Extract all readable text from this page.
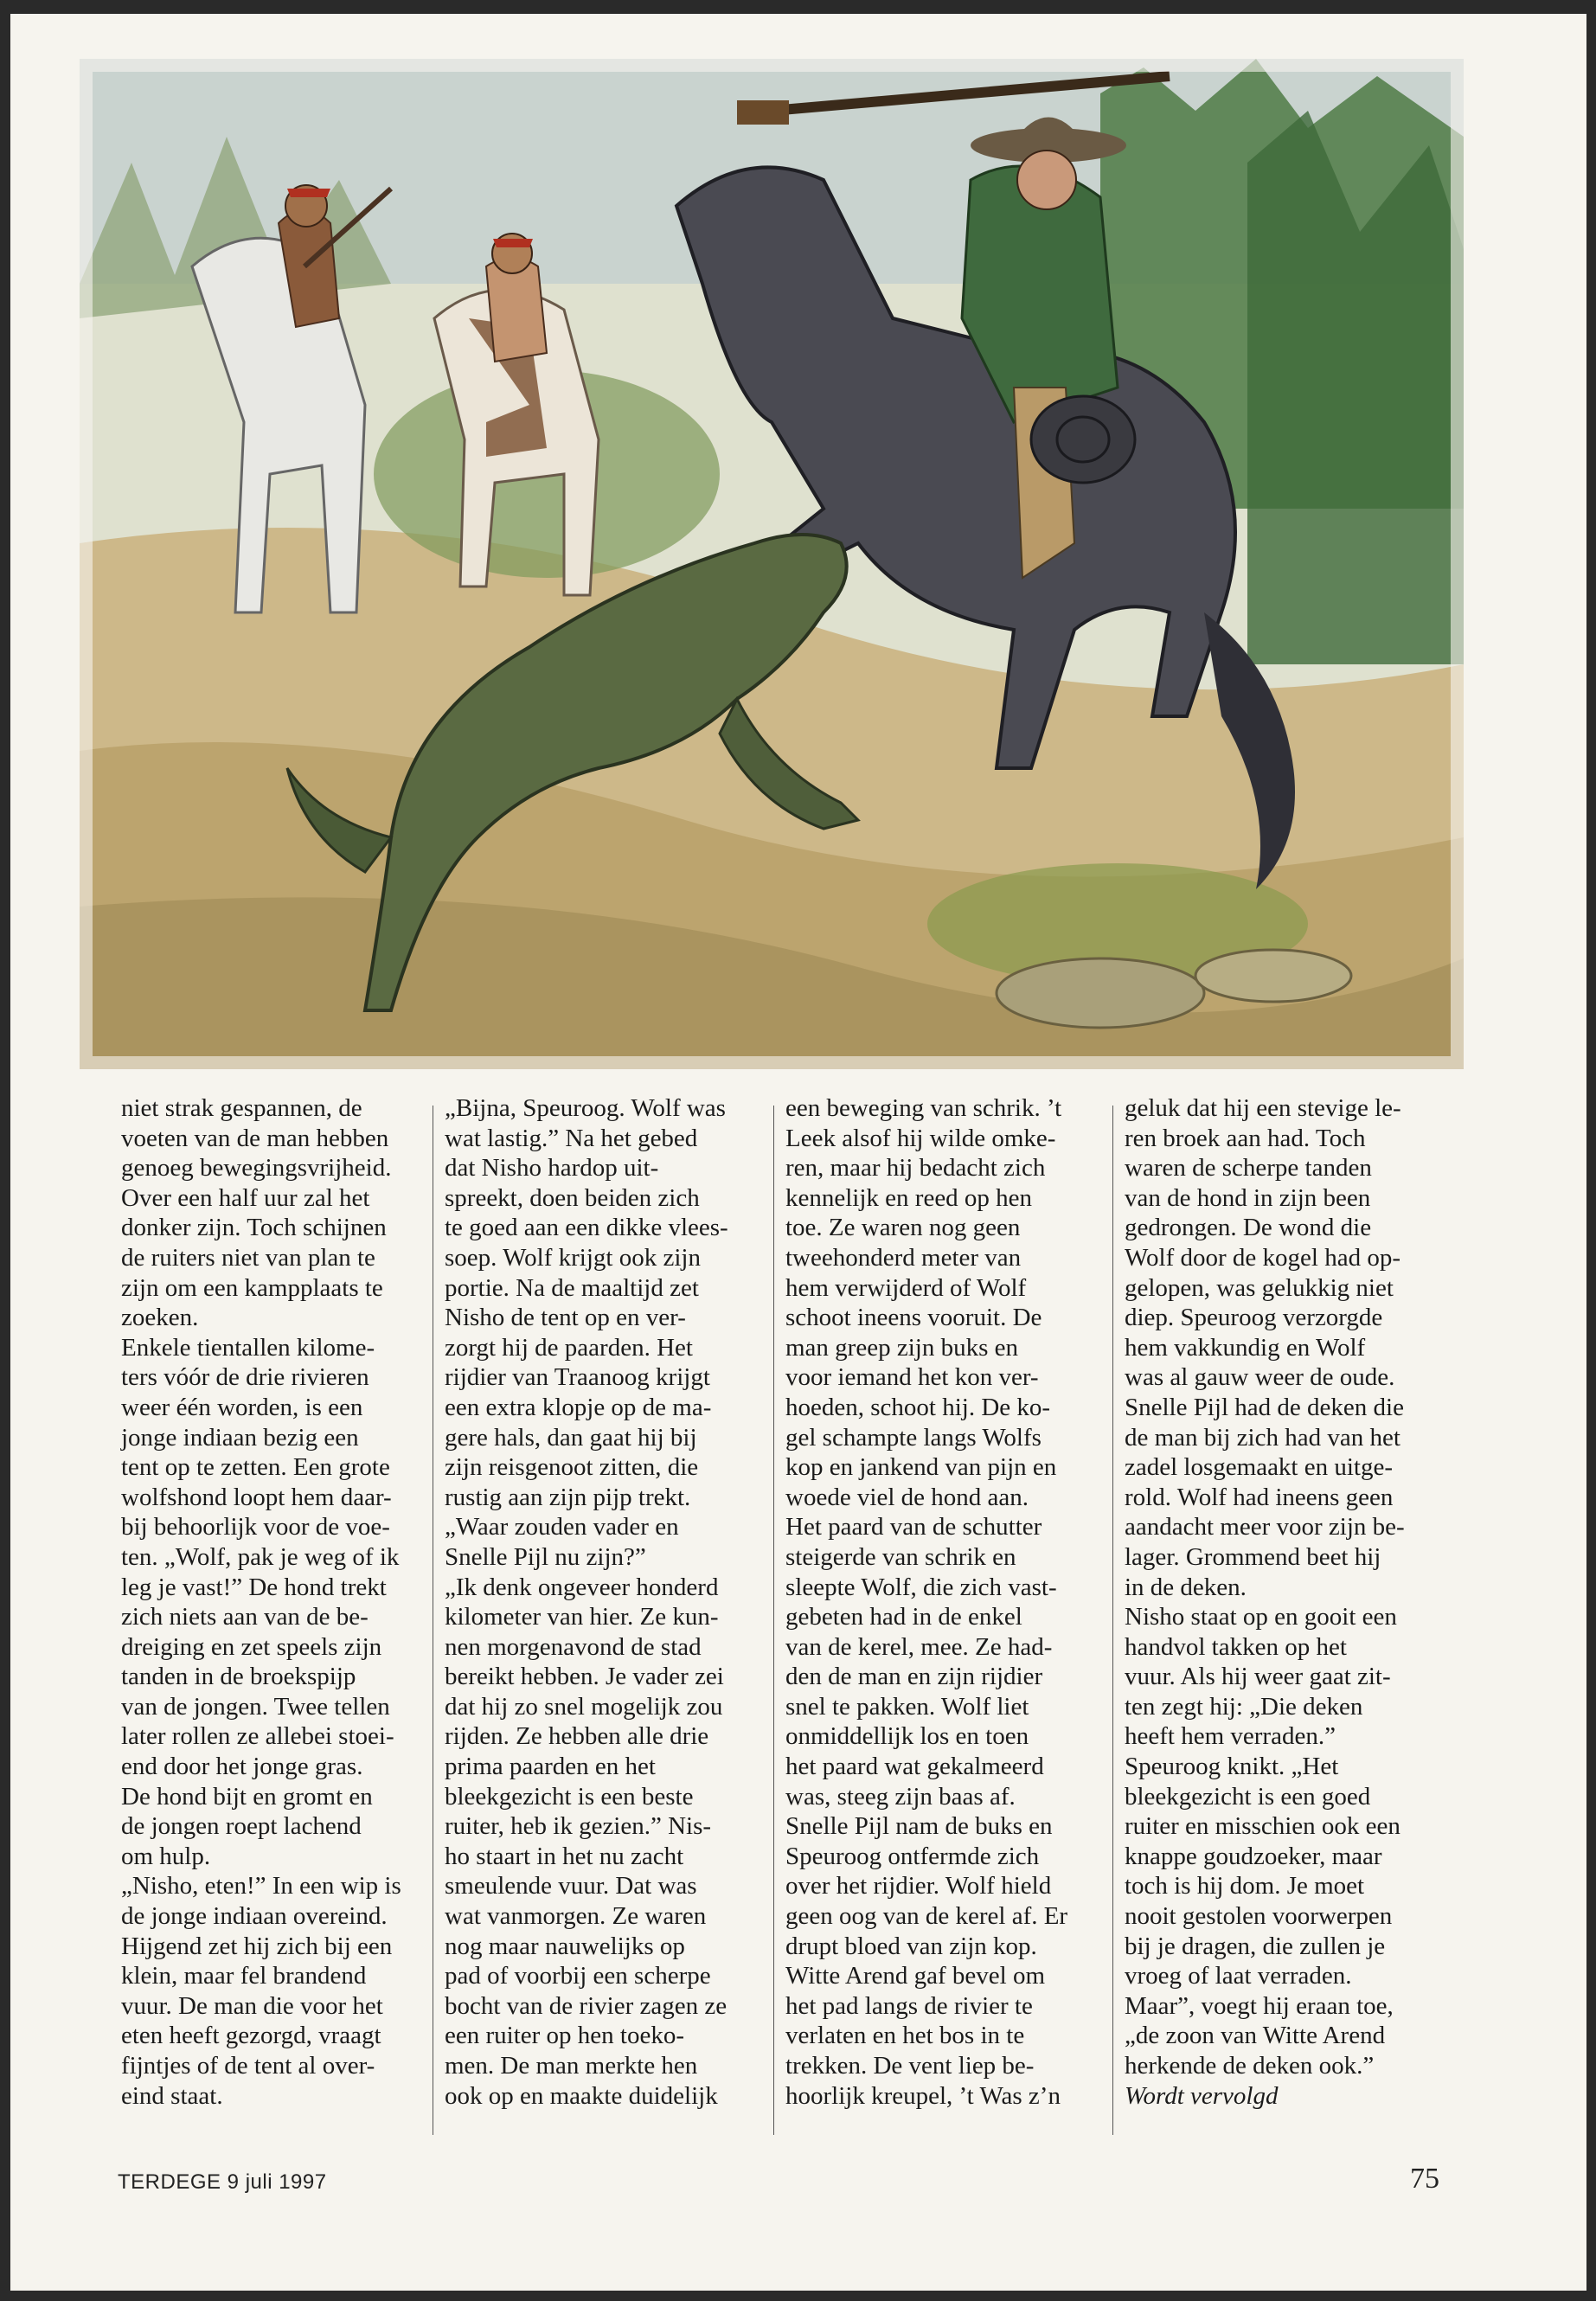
niet strak gespannen, de
voeten van de man hebben
genoeg bewegingsvrijheid.
Over een half uur zal het
donker zijn. Toch schijnen
de ruiters niet van plan te
zijn om een kampplaats te
zoeken.
Enkele tientallen kilome-
ters vóór de drie rivieren
weer één worden, is een
jonge indiaan bezig een
tent op te zetten. Een grote
wolfshond loopt hem daar-
bij behoorlijk voor de voe-
ten. „Wolf, pak je weg of ik
leg je vast!” De hond trekt
zich niets aan van de be-
dreiging en zet speels zijn
tanden in de broekspijp
van de jongen. Twee tellen
later rollen ze allebei stoei-
end door het jonge gras.
De hond bijt en gromt en
de jongen roept lachend
om hulp.
„Nisho, eten!” In een wip is
de jonge indiaan overeind.
Hijgend zet hij zich bij een
klein, maar fel brandend
vuur. De man die voor het
eten heeft gezorgd, vraagt
fijntjes of de tent al over-
eind staat.

„Bijna, Speuroog. Wolf was
wat lastig.” Na het gebed
dat Nisho hardop uit-
spreekt, doen beiden zich
te goed aan een dikke vlees-
soep. Wolf krijgt ook zijn
portie. Na de maaltijd zet
Nisho de tent op en ver-
zorgt hij de paarden. Het
rijdier van Traanoog krijgt
een extra klopje op de ma-
gere hals, dan gaat hij bij
zijn reisgenoot zitten, die
rustig aan zijn pijp trekt.
„Waar zouden vader en
Snelle Pijl nu zijn?”
„Ik denk ongeveer honderd
kilometer van hier. Ze kun-
nen morgenavond de stad
bereikt hebben. Je vader zei
dat hij zo snel mogelijk zou
rijden. Ze hebben alle drie
prima paarden en het
bleekgezicht is een beste
ruiter, heb ik gezien.” Nis-
ho staart in het nu zacht
smeulende vuur. Dat was
wat vanmorgen. Ze waren
nog maar nauwelijks op
pad of voorbij een scherpe
bocht van de rivier zagen ze
een ruiter op hen toeko-
men. De man merkte hen
ook op en maakte duidelijk

een beweging van schrik. ’t
Leek alsof hij wilde omke-
ren, maar hij bedacht zich
kennelijk en reed op hen
toe. Ze waren nog geen
tweehonderd meter van
hem verwijderd of Wolf
schoot ineens vooruit. De
man greep zijn buks en
voor iemand het kon ver-
hoeden, schoot hij. De ko-
gel schampte langs Wolfs
kop en jankend van pijn en
woede viel de hond aan.
Het paard van de schutter
steigerde van schrik en
sleepte Wolf, die zich vast-
gebeten had in de enkel
van de kerel, mee. Ze had-
den de man en zijn rijdier
snel te pakken. Wolf liet
onmiddellijk los en toen
het paard wat gekalmeerd
was, steeg zijn baas af.
Snelle Pijl nam de buks en
Speuroog ontfermde zich
over het rijdier. Wolf hield
geen oog van de kerel af. Er
drupt bloed van zijn kop.
Witte Arend gaf bevel om
het pad langs de rivier te
verlaten en het bos in te
trekken. De vent liep be-
hoorlijk kreupel, ’t Was z’n

geluk dat hij een stevige le-
ren broek aan had. Toch
waren de scherpe tanden
van de hond in zijn been
gedrongen. De wond die
Wolf door de kogel had op-
gelopen, was gelukkig niet
diep. Speuroog verzorgde
hem vakkundig en Wolf
was al gauw weer de oude.
Snelle Pijl had de deken die
de man bij zich had van het
zadel losgemaakt en uitge-
rold. Wolf had ineens geen
aandacht meer voor zijn be-
lager. Grommend beet hij
in de deken.
Nisho staat op en gooit een
handvol takken op het
vuur. Als hij weer gaat zit-
ten zegt hij: „Die deken
heeft hem verraden.”
Speuroog knikt. „Het
bleekgezicht is een goed
ruiter en misschien ook een
knappe goudzoeker, maar
toch is hij dom. Je moet
nooit gestolen voorwerpen
bij je dragen, die zullen je
vroeg of laat verraden.
Maar”, voegt hij eraan toe,
„de zoon van Witte Arend
herkende de deken ook.”

Wordt vervolgd

TERDEGE 9 juli 1997	75
